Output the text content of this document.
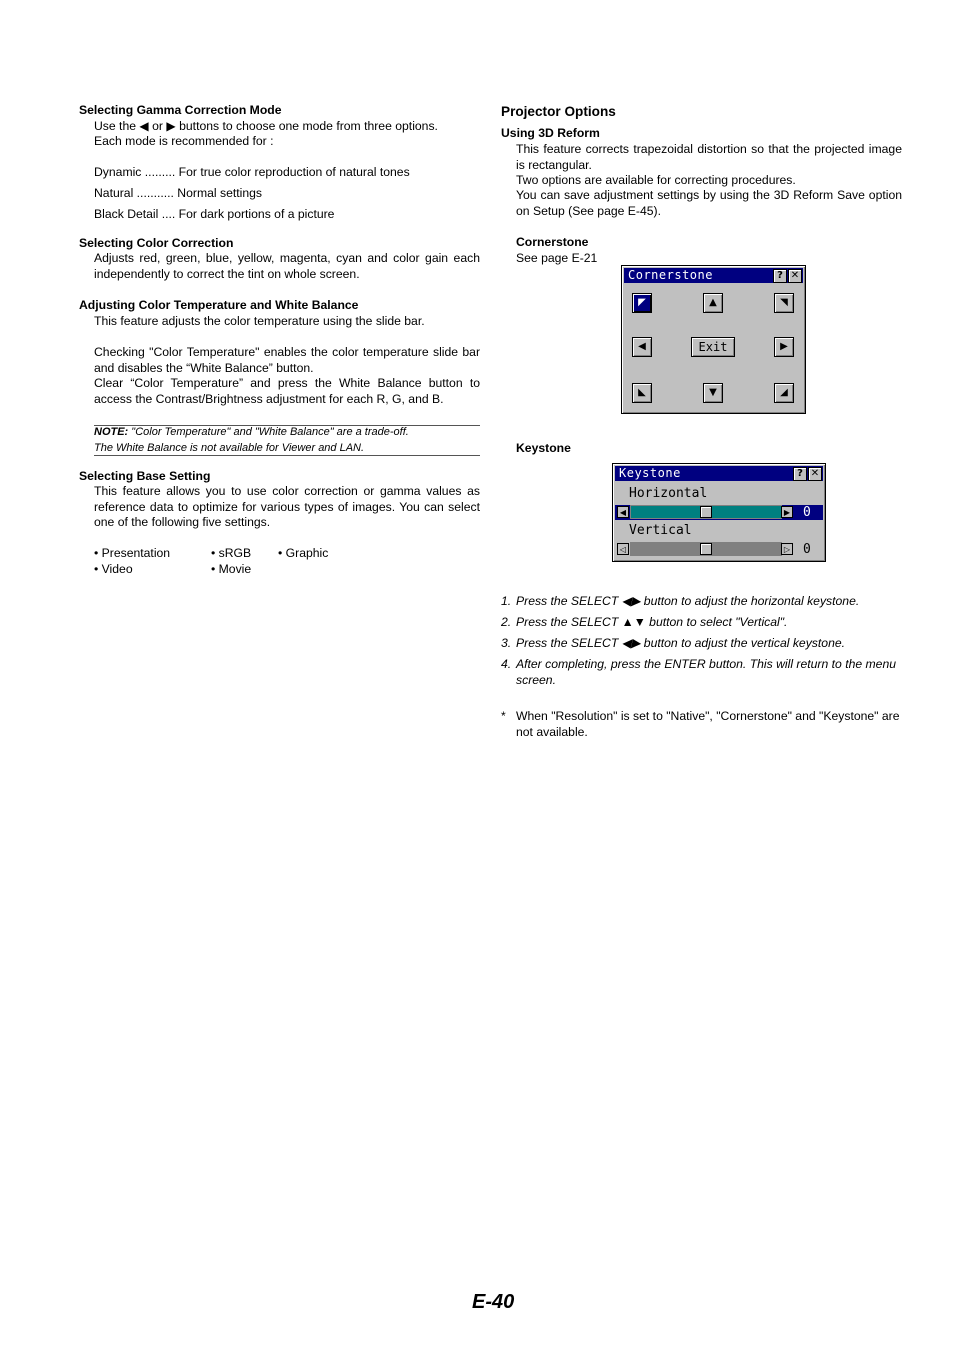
Selecting Gamma Correction Mode
Use the ◀ or ▶ buttons to choose one mode from three options.
Each mode is recommended for :
Dynamic ......... For true color reproduction of natural tones
Natural ........... Normal settings
Black Detail .... For dark portions of a picture
Selecting Color Correction
Adjusts red, green, blue, yellow, magenta, cyan and color gain each independently to correct the tint on whole screen.
Adjusting Color Temperature and White Balance
This feature adjusts the color temperature using the slide bar.
Checking "Color Temperature" enables the color temperature slide bar and disables the “White Balance” button.
Clear “Color Temperature” and press the White Balance button to access the Contrast/Brightness adjustment for each R, G, and B.
NOTE: "Color Temperature" and "White Balance" are a trade-off.
The White Balance is not available for Viewer and LAN.
Selecting Base Setting
This feature allows you to use color correction or gamma values as reference data to optimize for various types of images. You can select one of the following five settings.
• Presentation	• sRGB • Graphic
• Video	• Movie
Projector Options
Using 3D Reform
This feature corrects trapezoidal distortion so that the projected image is rectangular.
Two options are available for correcting procedures.
You can save adjustment settings by using the 3D Reform Save option on Setup (See page E-45).
Cornerstone
See page E-21
Cornerstone	? ✕
◤	▲	◥
◀	Exit	▶
◣	▼	◢
Keystone
Keystone	? ✕
Horizontal
◀	▶ 0
Vertical
◁	▷ 0
1. Press the SELECT ◀▶ button to adjust the horizontal keystone.
2. Press the SELECT ▲▼ button to select "Vertical".
3. Press the SELECT ◀▶ button to adjust the vertical keystone.
4. After completing, press the ENTER button. This will return to the menu screen.
* When "Resolution" is set to "Native", "Cornerstone" and "Keystone" are not available.
E-40
